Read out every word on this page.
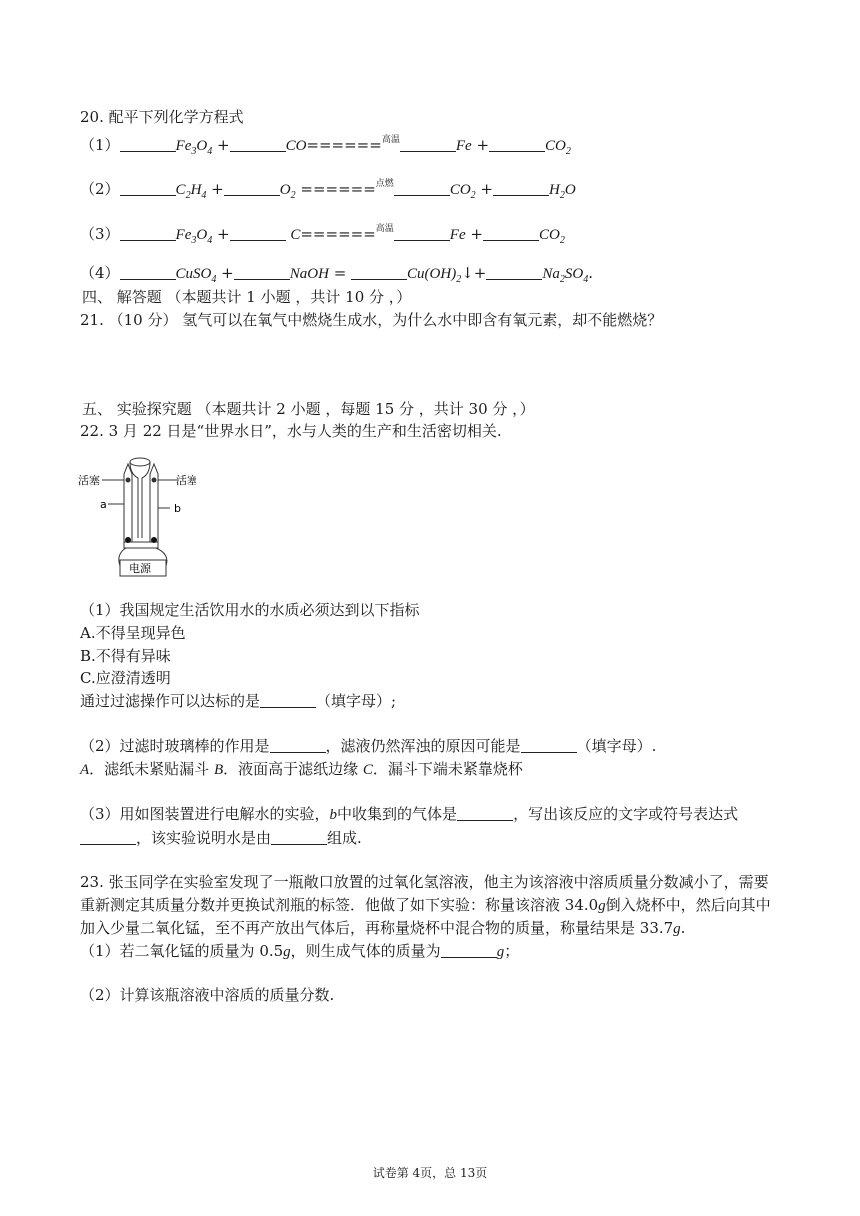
20. 配平下列化学方程式
（1）	$Fe_3O_4$ +	CO======$^{高温}$	Fe +	$CO_2$
（2）	$C_2H_4$ +	$O_2 ======^{点燃}$	$CO_2$ +	$H_2O$
（3）	$Fe_3O_4$ +	C======$^{高温}$	Fe +	$CO_2$
（4）	CuSO$_4$ +	NaOH =	$Cu(OH)_2↓+$	$Na_2SO_4$.
四、 解答题 （本题共计 1 小题 ，共计 10 分 ，）
21. （10 分） 氢气可以在氧气中燃烧生成水，为什么水中即含有氧元素，却不能燃烧？
五、 实验探究题 （本题共计 2 小题 ，每题 15 分 ，共计 30 分 ，）
22. 3 月 22 日是“世界水日”，水与人类的生产和生活密切相关.
活塞	活塞
a	b
电源
（1）我国规定生活饮用水的水质必须达到以下指标
A.不得呈现异色
B.不得有异味
C.应澄清透明
通过过滤操作可以达标的是	（填字母）;
（2）过滤时玻璃棒的作用是	，滤液仍然浑浊的原因可能是	（填字母）.
A．滤纸未紧贴漏斗 B．液面高于滤纸边缘 C．漏斗下端未紧靠烧杯
（3）用如图装置进行电解水的实验，b中收集到的气体是	，写出该反应的文字或符号表达式
，该实验说明水是由	组成.
23. 张玉同学在实验室发现了一瓶敞口放置的过氧化氢溶液，他主为该溶液中溶质质量分数减小了，需要
重新测定其质量分数并更换试剂瓶的标签．他做了如下实验：称量该溶液 34.0g倒入烧杯中，然后向其中
加入少量二氧化锰，至不再产放出气体后，再称量烧杯中混合物的质量，称量结果是 33.7g.
（1）若二氧化锰的质量为 0.5g，则生成气体的质量为	g；
（2）计算该瓶溶液中溶质的质量分数.
试卷第 4页，总 13页
